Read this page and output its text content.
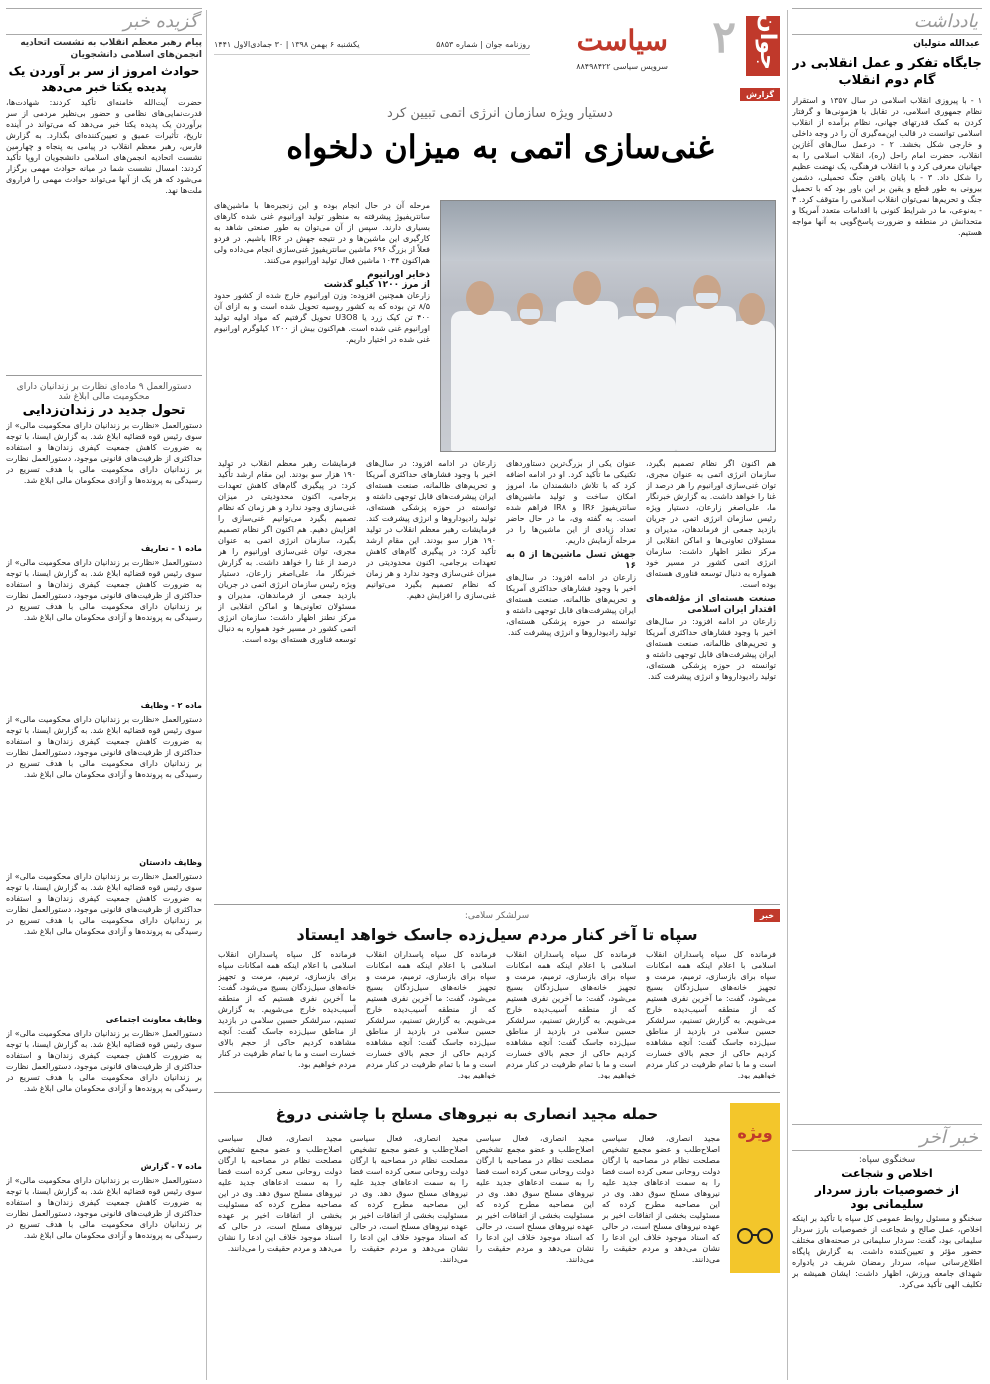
یادداشت
عبدالله متولیان
جایگاه تفکر و عمل انقلابی در گام دوم انقلاب
۱ - با پیروزی انقلاب اسلامی در سال ۱۳۵۷ و استقرار نظام جمهوری اسلامی، در تقابل با هژمونی‌ها و گرفتار کردن به کمک قدرتهای جهانی، نظام برآمده از انقلاب اسلامی توانست در قالب این‌مه‌گیری آن را در وجه داخلی و خارجی شکل بخشد. ۲ - درعمل سال‌های آغازین انقلاب، حضرت امام راحل (ره)، انقلاب اسلامی را به جهانیان معرفی کرد و با انقلاب فرهنگی، یک نهضت عظیم را شکل داد. ۳ - با پایان یافتن جنگ تحمیلی، دشمن بیرونی به طور قطع و یقین بر این باور بود که با تحمیل جنگ و تحریم‌ها نمی‌توان انقلاب اسلامی را متوقف کرد. ۴ - به‌نوعی، ما در شرایط کنونی با اقدامات متعدد آمریکا و متحدانش در منطقه و ضرورت پاسخ‌گویی به آنها مواجه هستیم.
خبر آخر
سخنگوی سپاه:
اخلاص و شجاعت
از خصوصیات بارز سردار سلیمانی بود
سخنگو و مسئول روابط عمومی کل سپاه با تأکید بر اینکه اخلاص، عمل صالح و شجاعت از خصوصیات بارز سردار سلیمانی بود، گفت: سردار سلیمانی در صحنه‌های مختلف حضور مؤثر و تعیین‌کننده داشت. به گزارش پایگاه اطلاع‌رسانی سپاه، سردار رمضان شریف در یادواره شهدای جامعه ورزش، اظهار داشت: ایشان همیشه بر تکلیف الهی تأکید می‌کرد.
گزیده خبر
پیام رهبر معظم انقلاب به نشست اتحادیه انجمن‌های اسلامی دانشجویان
حوادث امروز از سر بر آوردن یک پدیده یکتا خبر می‌دهد
حضرت آیت‌الله خامنه‌ای تأکید کردند: شهادت‌ها، قدرت‌نمایی‌های نظامی و حضور بی‌نظیر مردمی از سر برآوردن یک پدیده یکتا خبر می‌دهد که می‌تواند در آینده تاریخ، تأثیرات عمیق و تعیین‌کننده‌ای بگذارد. به گزارش فارس، رهبر معظم انقلاب در پیامی به پنجاه و چهارمین نشست اتحادیه انجمن‌های اسلامی دانشجویان اروپا تأکید کردند: امسال نشست شما در میانه حوادث مهمی برگزار می‌شود که هر یک از آنها می‌تواند حوادث مهمی را فراروی ملت‌ها نهد.
دستورالعمل ۹ ماده‌ای نظارت بر زندانیان دارای محکومیت مالی ابلاغ شد
تحول جدید در زندان‌زدایی
دستورالعمل «نظارت بر زندانیان دارای محکومیت مالی» از سوی رئیس قوه قضائیه ابلاغ شد. به گزارش ایسنا، با توجه به ضرورت کاهش جمعیت کیفری زندان‌ها و استفاده حداکثری از ظرفیت‌های قانونی موجود، دستورالعمل نظارت بر زندانیان دارای محکومیت مالی با هدف تسریع در رسیدگی به پرونده‌ها و آزادی محکومان مالی ابلاغ شد.
ماده ۱ - تعاریف
دستورالعمل «نظارت بر زندانیان دارای محکومیت مالی» از سوی رئیس قوه قضائیه ابلاغ شد. به گزارش ایسنا، با توجه به ضرورت کاهش جمعیت کیفری زندان‌ها و استفاده حداکثری از ظرفیت‌های قانونی موجود، دستورالعمل نظارت بر زندانیان دارای محکومیت مالی با هدف تسریع در رسیدگی به پرونده‌ها و آزادی محکومان مالی ابلاغ شد.
ماده ۲ - وظایف
دستورالعمل «نظارت بر زندانیان دارای محکومیت مالی» از سوی رئیس قوه قضائیه ابلاغ شد. به گزارش ایسنا، با توجه به ضرورت کاهش جمعیت کیفری زندان‌ها و استفاده حداکثری از ظرفیت‌های قانونی موجود، دستورالعمل نظارت بر زندانیان دارای محکومیت مالی با هدف تسریع در رسیدگی به پرونده‌ها و آزادی محکومان مالی ابلاغ شد.
وظایف دادستان
دستورالعمل «نظارت بر زندانیان دارای محکومیت مالی» از سوی رئیس قوه قضائیه ابلاغ شد. به گزارش ایسنا، با توجه به ضرورت کاهش جمعیت کیفری زندان‌ها و استفاده حداکثری از ظرفیت‌های قانونی موجود، دستورالعمل نظارت بر زندانیان دارای محکومیت مالی با هدف تسریع در رسیدگی به پرونده‌ها و آزادی محکومان مالی ابلاغ شد.
وظایف معاونت اجتماعی
دستورالعمل «نظارت بر زندانیان دارای محکومیت مالی» از سوی رئیس قوه قضائیه ابلاغ شد. به گزارش ایسنا، با توجه به ضرورت کاهش جمعیت کیفری زندان‌ها و استفاده حداکثری از ظرفیت‌های قانونی موجود، دستورالعمل نظارت بر زندانیان دارای محکومیت مالی با هدف تسریع در رسیدگی به پرونده‌ها و آزادی محکومان مالی ابلاغ شد.
ماده ۷ - گزارش
دستورالعمل «نظارت بر زندانیان دارای محکومیت مالی» از سوی رئیس قوه قضائیه ابلاغ شد. به گزارش ایسنا، با توجه به ضرورت کاهش جمعیت کیفری زندان‌ها و استفاده حداکثری از ظرفیت‌های قانونی موجود، دستورالعمل نظارت بر زندانیان دارای محکومیت مالی با هدف تسریع در رسیدگی به پرونده‌ها و آزادی محکومان مالی ابلاغ شد.
جوان
۲
سیاست
سرویس سیاسی ۸۸۴۹۸۴۲۲
روزنامه جوان | شماره ۵۸۵۳
یکشنبه ۶ بهمن ۱۳۹۸ | ۳۰ جمادی‌الاول ۱۴۴۱
گزارش
دستیار ویژه سازمان انرژی اتمی تبیین کرد
غنی‌سازی اتمی به میزان دلخواه
مرحله آن در حال انجام بوده و این زنجیره‌ها با ماشین‌های سانتریفیوژ پیشرفته به منظور تولید اورانیوم غنی شده کارهای بسیاری دارند. سپس از آن می‌توان به طور صنعتی شاهد به کارگیری این ماشین‌ها و در نتیجه جهش در IR۶ باشیم. در فردو فعلاً از بزرگ ۶۹۶ ماشین سانتریفیوژ غنی‌سازی انجام می‌داده ولی هم‌اکنون ۱۰۴۴ ماشین فعال تولید اورانیوم می‌کنند.
ذخایر اورانیوم
از مرز ۱۲۰۰ کیلو گذشت
زارعان همچنین افزوده: وزن اورانیوم خارج شده از کشور حدود ۸/۵ تن بوده که به کشور روسیه تحویل شده است و به ازای آن ۴۰۰ تن کیک زرد یا U3O8 تحویل گرفتیم که مواد اولیه تولید اورانیوم غنی شده است. هم‌اکنون بیش از ۱۲۰۰ کیلوگرم اورانیوم غنی شده در اختیار داریم.
هم اکنون اگر نظام تصمیم بگیرد، سازمان انرژی اتمی به عنوان مجری، توان غنی‌سازی اورانیوم را هر درصد از غنا را خواهد داشت. به گزارش خبرنگار ما، علی‌اصغر زارعان، دستیار ویژه رئیس سازمان انرژی اتمی در جریان بازدید جمعی از فرماندهان، مدیران و مسئولان تعاونی‌ها و اماکن انقلابی از مرکز نطنز اظهار داشت: سازمان انرژی اتمی کشور در مسیر خود همواره به دنبال توسعه فناوری هسته‌ای بوده است.
صنعت هسته‌ای از مؤلفه‌های اقتدار ایران اسلامی
زارعان در ادامه افزود: در سال‌های اخیر با وجود فشارهای حداکثری آمریکا و تحریم‌های ظالمانه، صنعت هسته‌ای ایران پیشرفت‌های قابل توجهی داشته و توانسته در حوزه پزشکی هسته‌ای، تولید رادیوداروها و انرژی پیشرفت کند.
عنوان یکی از بزرگ‌ترین دستاوردهای تکنیکی ما تأکید کرد. او در ادامه اضافه کرد که با تلاش دانشمندان ما، امروز امکان ساخت و تولید ماشین‌های سانتریفیوژ IR۶ و IR۸ فراهم شده است. به گفته وی، ما در حال حاضر تعداد زیادی از این ماشین‌ها را در مرحله آزمایش داریم.
جهش تسل ماشین‌ها از ۵ به ۱۶
زارعان در ادامه افزود: در سال‌های اخیر با وجود فشارهای حداکثری آمریکا و تحریم‌های ظالمانه، صنعت هسته‌ای ایران پیشرفت‌های قابل توجهی داشته و توانسته در حوزه پزشکی هسته‌ای، تولید رادیوداروها و انرژی پیشرفت کند.
زارعان در ادامه افزود: در سال‌های اخیر با وجود فشارهای حداکثری آمریکا و تحریم‌های ظالمانه، صنعت هسته‌ای ایران پیشرفت‌های قابل توجهی داشته و توانسته در حوزه پزشکی هسته‌ای، تولید رادیوداروها و انرژی پیشرفت کند. فرمایشات رهبر معظم انقلاب در تولید ۱۹۰ هزار سو بودند. این مقام ارشد تأکید کرد: در پیگیری گام‌های کاهش تعهدات برجامی، اکنون محدودیتی در میزان غنی‌سازی وجود ندارد و هر زمان که نظام تصمیم بگیرد می‌توانیم غنی‌سازی را افزایش دهیم.
فرمایشات رهبر معظم انقلاب در تولید ۱۹۰ هزار سو بودند. این مقام ارشد تأکید کرد: در پیگیری گام‌های کاهش تعهدات برجامی، اکنون محدودیتی در میزان غنی‌سازی وجود ندارد و هر زمان که نظام تصمیم بگیرد می‌توانیم غنی‌سازی را افزایش دهیم. هم اکنون اگر نظام تصمیم بگیرد، سازمان انرژی اتمی به عنوان مجری، توان غنی‌سازی اورانیوم را هر درصد از غنا را خواهد داشت. به گزارش خبرنگار ما، علی‌اصغر زارعان، دستیار ویژه رئیس سازمان انرژی اتمی در جریان بازدید جمعی از فرماندهان، مدیران و مسئولان تعاونی‌ها و اماکن انقلابی از مرکز نطنز اظهار داشت: سازمان انرژی اتمی کشور در مسیر خود همواره به دنبال توسعه فناوری هسته‌ای بوده است.
خبر
سرلشکر سلامی:
سپاه تا آخر کنار مردم سیل‌زده جاسک خواهد ایستاد
فرمانده کل سپاه پاسداران انقلاب اسلامی با اعلام اینکه همه امکانات سپاه برای بازسازی، ترمیم، مرمت و تجهیز خانه‌های سیل‌زدگان بسیج می‌شود، گفت: ما آخرین نفری هستیم که از منطقه آسیب‌دیده خارج می‌شویم. به گزارش تسنیم، سرلشکر حسین سلامی در بازدید از مناطق سیل‌زده جاسک گفت: آنچه مشاهده کردیم حاکی از حجم بالای خسارت است و ما با تمام ظرفیت در کنار مردم خواهیم بود.
فرمانده کل سپاه پاسداران انقلاب اسلامی با اعلام اینکه همه امکانات سپاه برای بازسازی، ترمیم، مرمت و تجهیز خانه‌های سیل‌زدگان بسیج می‌شود، گفت: ما آخرین نفری هستیم که از منطقه آسیب‌دیده خارج می‌شویم. به گزارش تسنیم، سرلشکر حسین سلامی در بازدید از مناطق سیل‌زده جاسک گفت: آنچه مشاهده کردیم حاکی از حجم بالای خسارت است و ما با تمام ظرفیت در کنار مردم خواهیم بود.
فرمانده کل سپاه پاسداران انقلاب اسلامی با اعلام اینکه همه امکانات سپاه برای بازسازی، ترمیم، مرمت و تجهیز خانه‌های سیل‌زدگان بسیج می‌شود، گفت: ما آخرین نفری هستیم که از منطقه آسیب‌دیده خارج می‌شویم. به گزارش تسنیم، سرلشکر حسین سلامی در بازدید از مناطق سیل‌زده جاسک گفت: آنچه مشاهده کردیم حاکی از حجم بالای خسارت است و ما با تمام ظرفیت در کنار مردم خواهیم بود.
فرمانده کل سپاه پاسداران انقلاب اسلامی با اعلام اینکه همه امکانات سپاه برای بازسازی، ترمیم، مرمت و تجهیز خانه‌های سیل‌زدگان بسیج می‌شود، گفت: ما آخرین نفری هستیم که از منطقه آسیب‌دیده خارج می‌شویم. به گزارش تسنیم، سرلشکر حسین سلامی در بازدید از مناطق سیل‌زده جاسک گفت: آنچه مشاهده کردیم حاکی از حجم بالای خسارت است و ما با تمام ظرفیت در کنار مردم خواهیم بود.
ویژه
حمله مجید انصاری به نیروهای مسلح با چاشنی دروغ
مجید انصاری، فعال سیاسی اصلاح‌طلب و عضو مجمع تشخیص مصلحت نظام در مصاحبه با ارگان دولت روحانی سعی کرده است فضا را به سمت ادعاهای جدید علیه نیروهای مسلح سوق دهد. وی در این مصاحبه مطرح کرده که مسئولیت بخشی از اتفاقات اخیر بر عهده نیروهای مسلح است، در حالی که اسناد موجود خلاف این ادعا را نشان می‌دهد و مردم حقیقت را می‌دانند.
مجید انصاری، فعال سیاسی اصلاح‌طلب و عضو مجمع تشخیص مصلحت نظام در مصاحبه با ارگان دولت روحانی سعی کرده است فضا را به سمت ادعاهای جدید علیه نیروهای مسلح سوق دهد. وی در این مصاحبه مطرح کرده که مسئولیت بخشی از اتفاقات اخیر بر عهده نیروهای مسلح است، در حالی که اسناد موجود خلاف این ادعا را نشان می‌دهد و مردم حقیقت را می‌دانند.
مجید انصاری، فعال سیاسی اصلاح‌طلب و عضو مجمع تشخیص مصلحت نظام در مصاحبه با ارگان دولت روحانی سعی کرده است فضا را به سمت ادعاهای جدید علیه نیروهای مسلح سوق دهد. وی در این مصاحبه مطرح کرده که مسئولیت بخشی از اتفاقات اخیر بر عهده نیروهای مسلح است، در حالی که اسناد موجود خلاف این ادعا را نشان می‌دهد و مردم حقیقت را می‌دانند.
مجید انصاری، فعال سیاسی اصلاح‌طلب و عضو مجمع تشخیص مصلحت نظام در مصاحبه با ارگان دولت روحانی سعی کرده است فضا را به سمت ادعاهای جدید علیه نیروهای مسلح سوق دهد. وی در این مصاحبه مطرح کرده که مسئولیت بخشی از اتفاقات اخیر بر عهده نیروهای مسلح است، در حالی که اسناد موجود خلاف این ادعا را نشان می‌دهد و مردم حقیقت را می‌دانند.
